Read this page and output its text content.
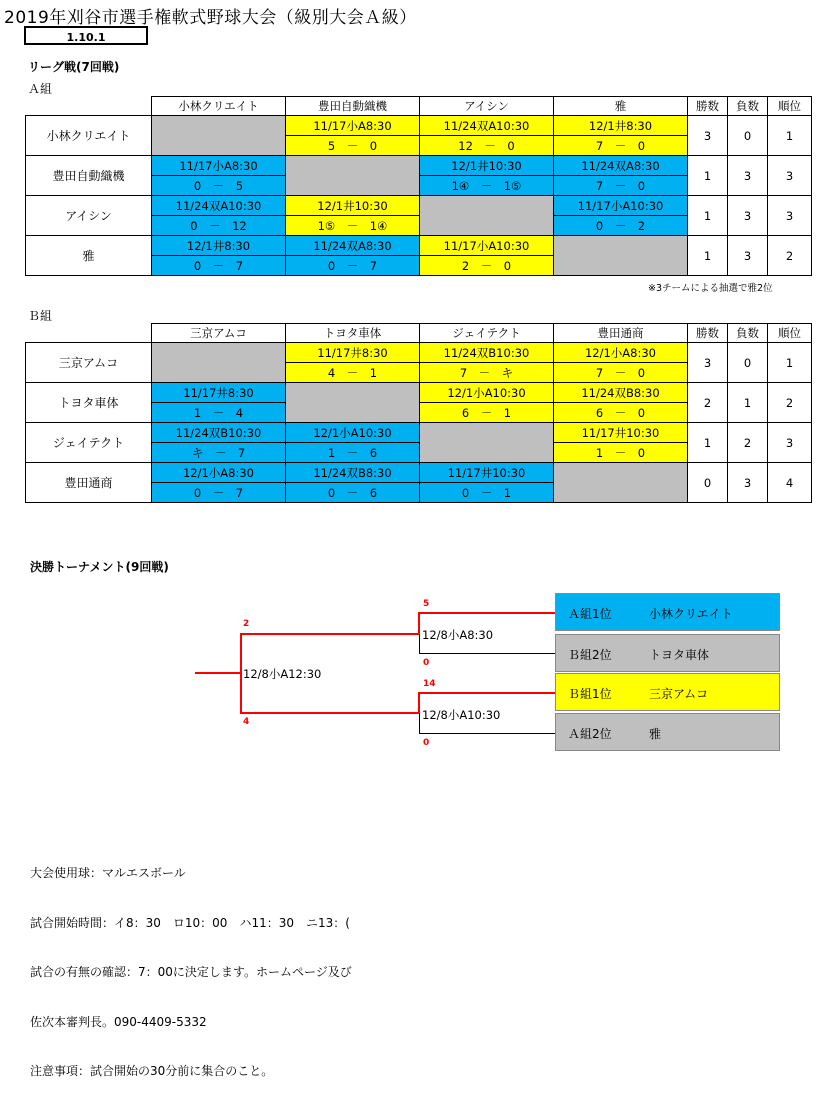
2019年刈谷市選手権軟式野球大会（級別大会Ａ級）
1.10.1
リーグ戦(7回戦)
Ａ組
	小林クリエイト	豊田自動織機	アイシン	雅	勝数	負数	順位
小林クリエイト		11/17小A8:30	11/24双A10:30	12/1井8:30	3	0	1
		5　－　0	12　－　0	7　－　0			
豊田自動織機	11/17小A8:30		12/1井10:30	11/24双A8:30	1	3	3
	0　－　5		1④　－　1⑤	7　－　0			
アイシン	11/24双A10:30	12/1井10:30		11/17小A10:30	1	3	3
	0　－　12	1⑤　－　1④		0　－　2			
雅	12/1井8:30	11/24双A8:30	11/17小A10:30		1	3	2
	0　－　7	0　－　7	2　－　0				
※3チームによる抽選で雅2位
Ｂ組
	三京アムコ	トヨタ車体	ジェイテクト	豊田通商	勝数	負数	順位
三京アムコ		11/17井8:30	11/24双B10:30	12/1小A8:30	3	0	1
		4　－　1	7　－　キ	7　－　0			
トヨタ車体	11/17井8:30		12/1小A10:30	11/24双B8:30	2	1	2
	1　－　4		6　－　1	6　－　0			
ジェイテクト	11/24双B10:30	12/1小A10:30		11/17井10:30	1	2	3
	キ　－　7	1　－　6		1　－　0			
豊田通商	12/1小A8:30	11/24双B8:30	11/17井10:30		0	3	4
	0　－　7	0　－　6	0　－　1				
決勝トーナメント(9回戦)
2
4
12/8小A12:30
5
0
12/8小A8:30
14
0
12/8小A10:30
Ａ組1位	小林クリエイト
Ｂ組2位	トヨタ車体
Ｂ組1位	三京アムコ
Ａ組2位	雅

大会使用球：マルエスボール

試合開始時間：イ8：30　ロ10：00　ハ11：30　ニ13：(

試合の有無の確認：7：00に決定します。ホームページ及び

佐次本審判長。090-4409-5332

注意事項：試合開始の30分前に集合のこと。
